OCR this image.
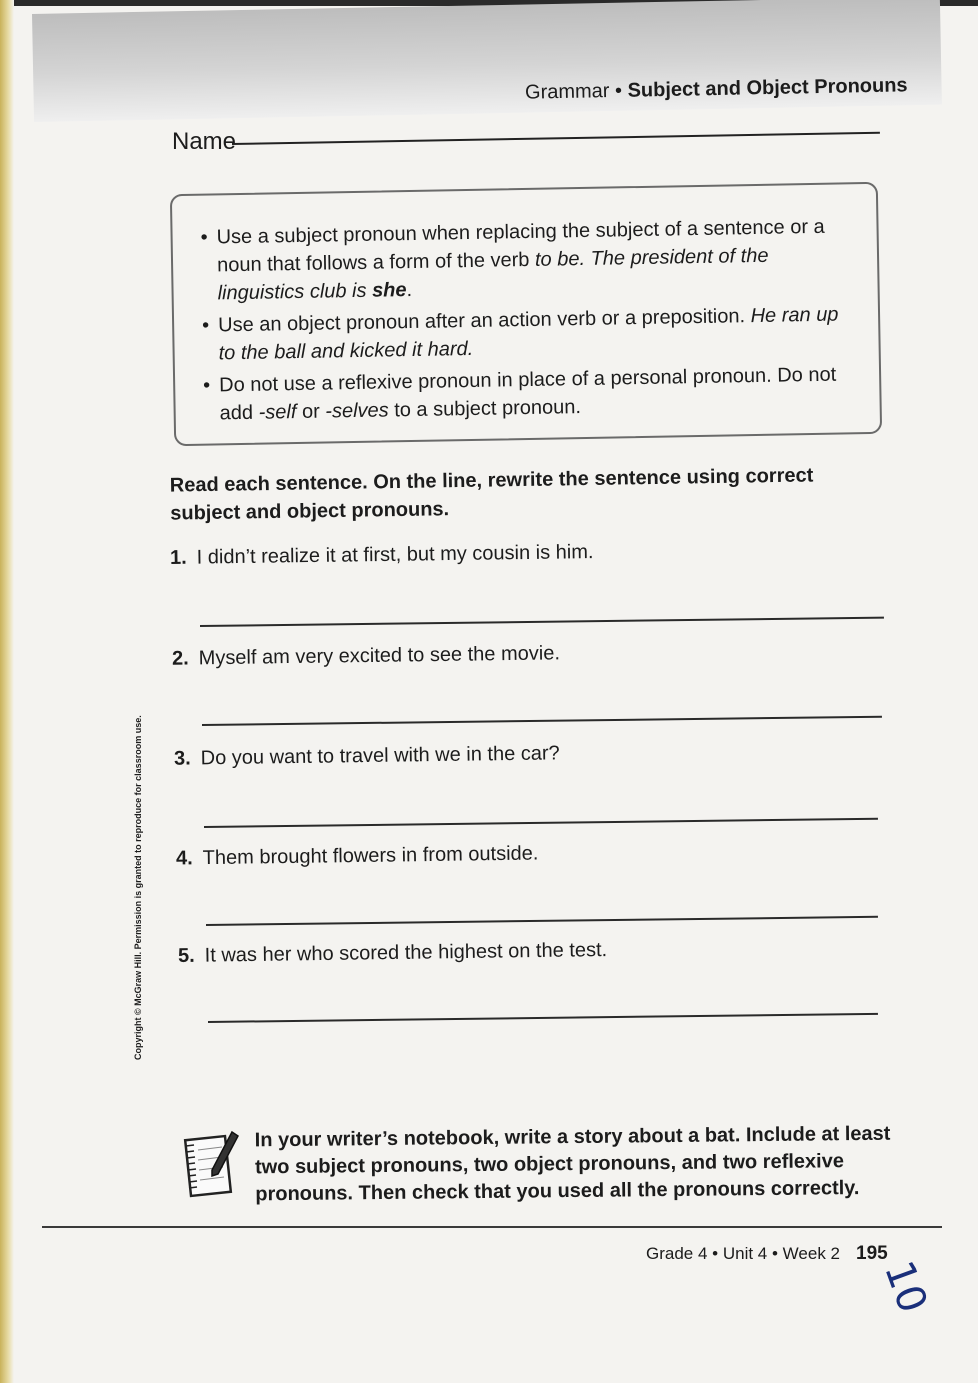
Grammar • Subject and Object Pronouns
Name
• Use a subject pronoun when replacing the subject of a sentence or a noun that follows a form of the verb to be. The president of the linguistics club is she.
• Use an object pronoun after an action verb or a preposition. He ran up to the ball and kicked it hard.
• Do not use a reflexive pronoun in place of a personal pronoun. Do not add -self or -selves to a subject pronoun.
Read each sentence. On the line, rewrite the sentence using correct subject and object pronouns.
1. I didn’t realize it at first, but my cousin is him.
2. Myself am very excited to see the movie.
3. Do you want to travel with we in the car?
4. Them brought flowers in from outside.
5. It was her who scored the highest on the test.
Copyright © McGraw Hill. Permission is granted to reproduce for classroom use.
In your writer’s notebook, write a story about a bat. Include at least two subject pronouns, two object pronouns, and two reflexive pronouns. Then check that you used all the pronouns correctly.
Grade 4 • Unit 4 • Week 2 195
10
